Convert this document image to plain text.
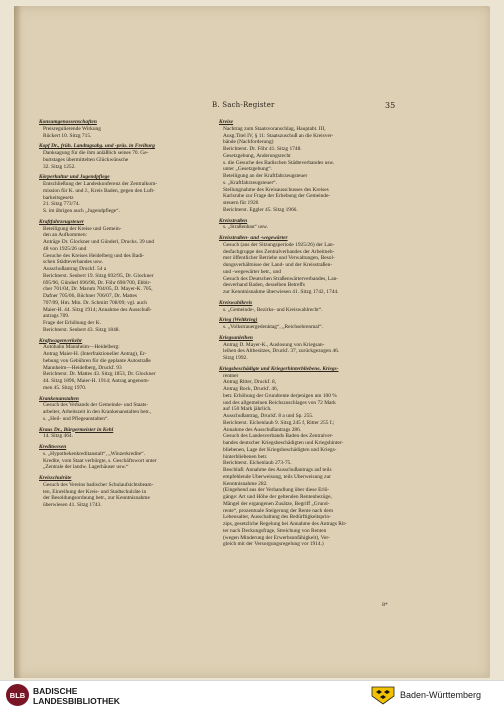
B. Sach-Register	35
Konsumgenossenschaften
Preisregulierende Wirkung
Rückert 10. Sitzg 715.
Kopf Dr., früh. Landtagsabg. und -präs. in Freiburg
Danksagung für die ihm anläßlich seines 70. Ge-
burtstages übermittelten Glückwünsche
32. Sitzg 1252.
Körperkultur und Jugendpflege
Entschließung der Landeskonferenz der Zentralkom-
mission für K. und J., Kreis Baden, gegen den Luft-
barkeitsgesetz
21. Sitzg 773/74.
S. im übrigen auch „Jugendpflege“.
Kraftfahrzeugsteuer
Beteiligung der Kreise und Gemein-
den an Aufkommen:
Anträge Dr. Glockner und Günderl, Drucks. 39 und
48 von 1925/26 und
Gesuche des Kreises Heidelberg und des Badi-
schen Städteverbandes usw.
Ausschußantrag Druckf. 54 a
Berichterst. Seubert 19. Sitzg 692/95, Dr. Glockner
695/96, Günderl 696/98, Dr. Föhr 698/700, Ebbir-
cher 701/04, Dr. Marum 704/05, D. Mayer-K. 705,
Dafner 705/06, Büchner 706/07, Dr. Mattes
707/09, Hm. Min. Dr. Schmitt 708/09; vgl. auch
Maier-H. 44. Sitzg 1914; Annahme des Ausschuß-
antrags 709.
Frage der Erhöhung der K.
Berichterst. Seubert 43. Sitzg 1848.
Kraftwagenverkehr
Autobahn Mannheim—Heidelberg:
Antrag Maier-H. (Interfraktioneller Antrag), Er-
hebung von Gebühren für die geplante Autostraße
Mannheim—Heidelberg, Druckf. 93
Berichterst. Dr. Mattes 43. Sitzg 1853, Dr. Glockner
44. Sitzg 1896, Maier-H. 1914; Antrag angenom-
men 45. Sitzg 1970.
Krankenanstalten
Gesuch des Verbands der Gemeinde- und Staats-
arbeiter, Arbeitszeit in den Krankenanstalten betr.,
s. „Heil- und Pflegeanstalten“.
Kraus Dr., Bürgermeister in Kehl
14. Sitzg 464.
Kreditwesen
s. „Hypothekenkreditanstalt“, „Winzerkredite“.
Kredite, vom Staat verbürgte, s. Geschäftswort unter
„Zentrale der landw. Lagerhäuser usw.“
Kreisschulräte
Gesuch des Vereins badischer Schulaufsichtsbeam-
ten, Einreihung der Kreis- und Stadtschulräte in
der Besoldungsordnung betr., zur Kenntnisnahme
überwiesen 41. Sitzg 1743.
Kreise
Nachtrag zum Staatsvoranschlag, Hauptabt. III,
Ausg.Titel IV, § 11: Staatszuschuß an die Kreisver-
bände (Nachforderung)
Berichterst. Dr. Föhr 41. Sitzg 1748.
Gesetzgebung, Änderungsrecht
s. die Gesuche des Badischen Städteverbandes usw.
unter „Gesetzgebung“.
Beteiligung an der Kraftfahrzeugsteuer
s. „Kraftfahrzeugsteuer“.
Stellungnahme des Kreisausschusses des Kreises
Karlsruhe zur Frage der Erhebung der Gemeinde-
steuern für 1926
Berichterst. Eggler 45. Sitzg 1966.
Kreisstraßen
s. „Straßenbau“ usw.
Kreisstraßen- und -wegewärter
Gesuch (aus der Sitzungsperiode 1925/26) der Lan-
desfachgruppe des Zentralverbandes der Arbeitneh-
mer öffentlicher Betriebe und Verwaltungen, Besol-
dungsverhältnisse der Land- und der Kreisstraßen-
und -wegewärter betr., und
Gesuch des Deutschen Straßenwärterverbandes, Lan-
desverband Baden, desselben Betreffs
zur Kenntnisnahme überwiesen 41. Sitzg 1742, 1744.
Kreiswahlkreis
s. „Gemeinde-, Bezirks- und Kreiswahlrecht“.
Krieg (Weltkrieg)
s. „Volkstrauergedenktag“, „Reichsehrenmal“.
Kriegsanleihen
Antrag D. Mayer-K., Auslosung von Kriegsan-
leihen des Altbesitzes, Druckf. 37, zurückgezogen 46.
Sitzg 1992.
Kriegsbeschädigte und Kriegerhinterbliebene, Kriegs-
rentner
Antrag Ritter, Druckf. 8,
Antrag Bock, Druckf. 46,
betr. Erhöhung der Grundrente derjenigen um 100 %
und des allgemeinen Reichszuschlages von 72 Mark
auf 150 Mark jährlich.
Ausschußantrag, Druckf. 8 a und Sp. 255.
Berichterst. Eichenlaub 9. Sitzg 245 f, Ritter 255 f.;
Annahme des Ausschußantrags 286.
Gesuch des Landesverbands Baden des Zentralver-
bandes deutscher Kriegsbeschädigten und Kriegshinter-
bliebenen, Lage der Kriegsbeschädigten und Kriegs-
hinterbliebenen betr.
Berichterst. Eichenlaub 273-75.
Beschluß: Annahme des Ausschußantrags auf teils
empfehlende Überweisung, teils Überweisung zur
Kenntnisnahme 282.
(Eingehend aus der Verhandlung über diese Erlö-
gänge: Art und Höhe der geltenden Rentenbezüge,
Mängel der ergangenen Zusätze, Begriff „Grund-
rente“, prozentuale Steigerung der Rente nach dem
Lebensalter, Ausschaltung des Bedürftigkeitsprin-
zips, gesetzliche Regelung bei Annahme des Antrags Rit-
ter nach Deckungsfrage, Streichung von Renten
(wegen Minderung der Erwerbsunfähigkeit), Ver-
gleich mit der Versorgungsregelung vor 1914.)
8*
BLB BADISCHE
LANDESBIBLIOTHEK
Baden-Württemberg
